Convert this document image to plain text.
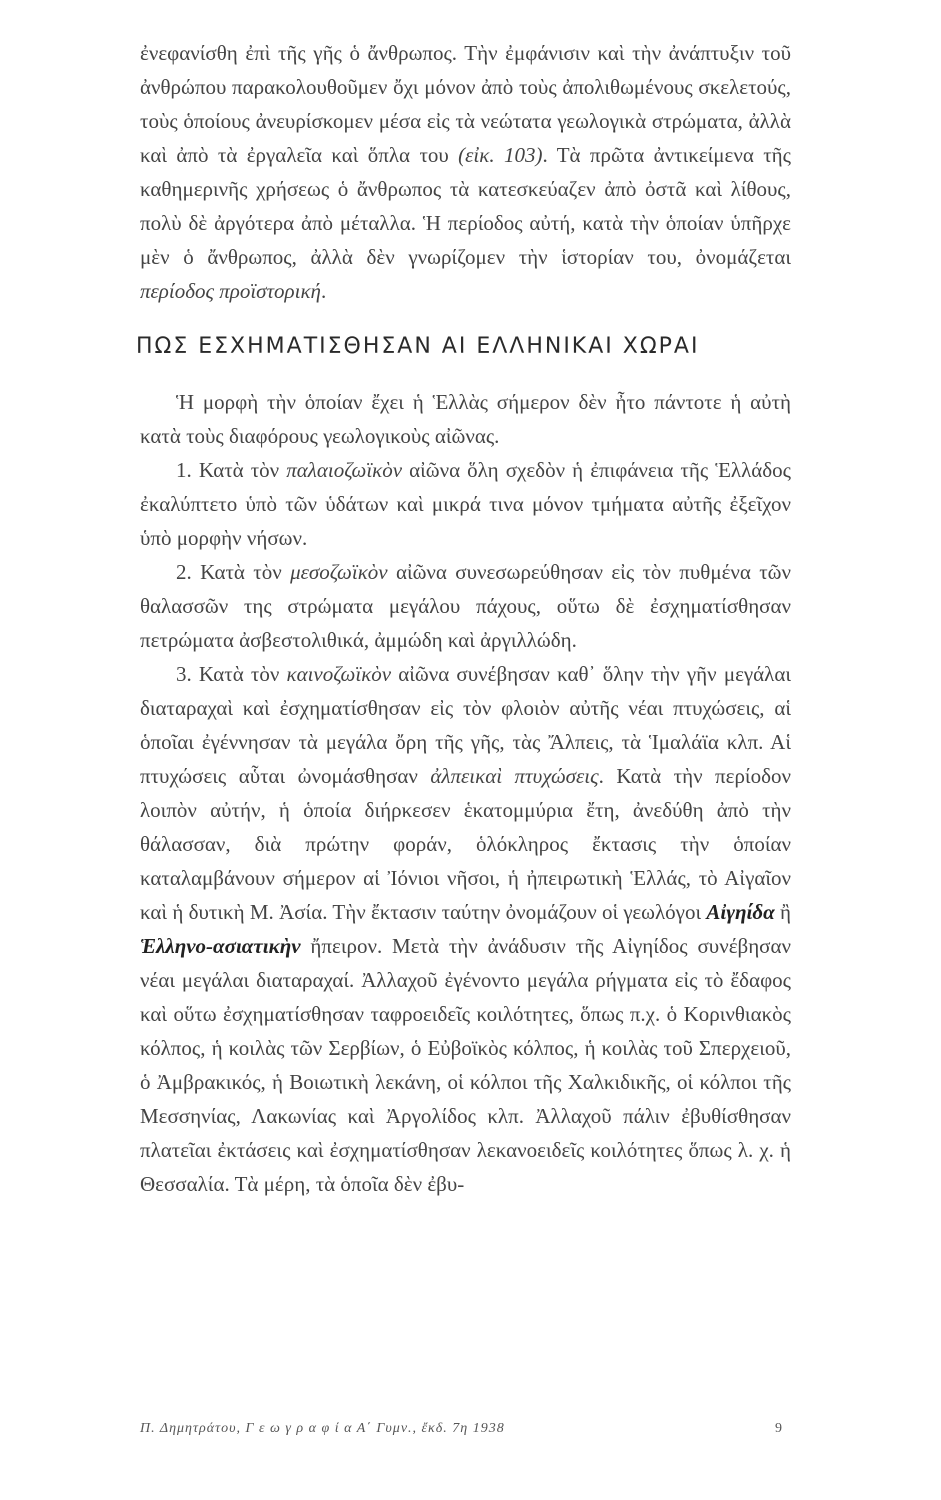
ἐνεφανίσθη ἐπὶ τῆς γῆς ὁ ἄνθρωπος. Τὴν ἐμφάνισιν καὶ τὴν ἀνάπτυξιν τοῦ ἀνθρώπου παρακολουθοῦμεν ὄχι μόνον ἀπὸ τοὺς ἀπολιθωμένους σκελετούς, τοὺς ὁποίους ἀνευρίσκομεν μέσα εἰς τὰ νεώτατα γεωλογικὰ στρώματα, ἀλλὰ καὶ ἀπὸ τὰ ἐργαλεῖα καὶ ὅπλα του (εἰκ. 103). Τὰ πρῶτα ἀντικείμενα τῆς καθημερινῆς χρήσεως ὁ ἄνθρωπος τὰ κατεσκεύαζεν ἀπὸ ὀστᾶ καὶ λίθους, πολὺ δὲ ἀργότερα ἀπὸ μέταλλα. Ἡ περίοδος αὐτή, κατὰ τὴν ὁποίαν ὑπῆρχε μὲν ὁ ἄνθρωπος, ἀλλὰ δὲν γνωρίζομεν τὴν ἱστορίαν του, ὀνομάζεται περίοδος προϊστορική.

ΠΩΣ ΕΣΧΗΜΑΤΙΣΘΗΣΑΝ ΑΙ ΕΛΛΗΝΙΚΑΙ ΧΩΡΑΙ

Ἡ μορφὴ τὴν ὁποίαν ἔχει ἡ Ἑλλὰς σήμερον δὲν ἦτο πάντοτε ἡ αὐτὴ κατὰ τοὺς διαφόρους γεωλογικοὺς αἰῶνας.

1. Κατὰ τὸν παλαιοζωϊκὸν αἰῶνα ὅλη σχεδὸν ἡ ἐπιφάνεια τῆς Ἑλλάδος ἐκαλύπτετο ὑπὸ τῶν ὑδάτων καὶ μικρά τινα μόνον τμήματα αὐτῆς ἐξεῖχον ὑπὸ μορφὴν νήσων.

2. Κατὰ τὸν μεσοζωϊκὸν αἰῶνα συνεσωρεύθησαν εἰς τὸν πυθμένα τῶν θαλασσῶν της στρώματα μεγάλου πάχους, οὕτω δὲ ἐσχηματίσθησαν πετρώματα ἀσβεστολιθικά, ἀμμώδη καὶ ἀργιλλώδη.

3. Κατὰ τὸν καινοζωϊκὸν αἰῶνα συνέβησαν καθ᾽ ὅλην τὴν γῆν μεγάλαι διαταραχαὶ καὶ ἐσχηματίσθησαν εἰς τὸν φλοιὸν αὐτῆς νέαι πτυχώσεις, αἱ ὁποῖαι ἐγέννησαν τὰ μεγάλα ὄρη τῆς γῆς, τὰς Ἄλπεις, τὰ Ἱμαλάϊα κλπ. Αἱ πτυχώσεις αὗται ὠνομάσθησαν ἀλπεικαὶ πτυχώσεις. Κατὰ τὴν περίοδον λοιπὸν αὐτήν, ἡ ὁποία διήρκεσεν ἑκατομμύρια ἔτη, ἀνεδύθη ἀπὸ τὴν θάλασσαν, διὰ πρώτην φοράν, ὁλόκληρος ἔκτασις τὴν ὁποίαν καταλαμβάνουν σήμερον αἱ Ἰόνιοι νῆσοι, ἡ ἠπειρωτικὴ Ἑλλάς, τὸ Αἰγαῖον καὶ ἡ δυτικὴ Μ. Ἀσία. Τὴν ἔκτασιν ταύτην ὀνομάζουν οἱ γεωλόγοι Αἰγηίδα ἢ Ἑλληνο-ασιατικὴν ἤπειρον. Μετὰ τὴν ἀνάδυσιν τῆς Αἰγηίδος συνέβησαν νέαι μεγάλαι διαταραχαί. Ἀλλαχοῦ ἐγένοντο μεγάλα ρήγματα εἰς τὸ ἔδαφος καὶ οὕτω ἐσχηματίσθησαν ταφροειδεῖς κοιλότητες, ὅπως π.χ. ὁ Κορινθιακὸς κόλπος, ἡ κοιλὰς τῶν Σερβίων, ὁ Εὐβοϊκὸς κόλπος, ἡ κοιλὰς τοῦ Σπερχειοῦ, ὁ Ἀμβρακικός, ἡ Βοιωτικὴ λεκάνη, οἱ κόλποι τῆς Χαλκιδικῆς, οἱ κόλποι τῆς Μεσσηνίας, Λακωνίας καὶ Ἀργολίδος κλπ. Ἀλλαχοῦ πάλιν ἐβυθίσθησαν πλατεῖαι ἐκτάσεις καὶ ἐσχηματίσθησαν λεκανοειδεῖς κοιλότητες ὅπως λ. χ. ἡ Θεσσαλία. Τὰ μέρη, τὰ ὁποῖα δὲν ἐβυ-

Π. Δημητράτου, Γ ε ω γ ρ α φ ί α Α΄ Γυμν., ἔκδ. 7η 1938	9
